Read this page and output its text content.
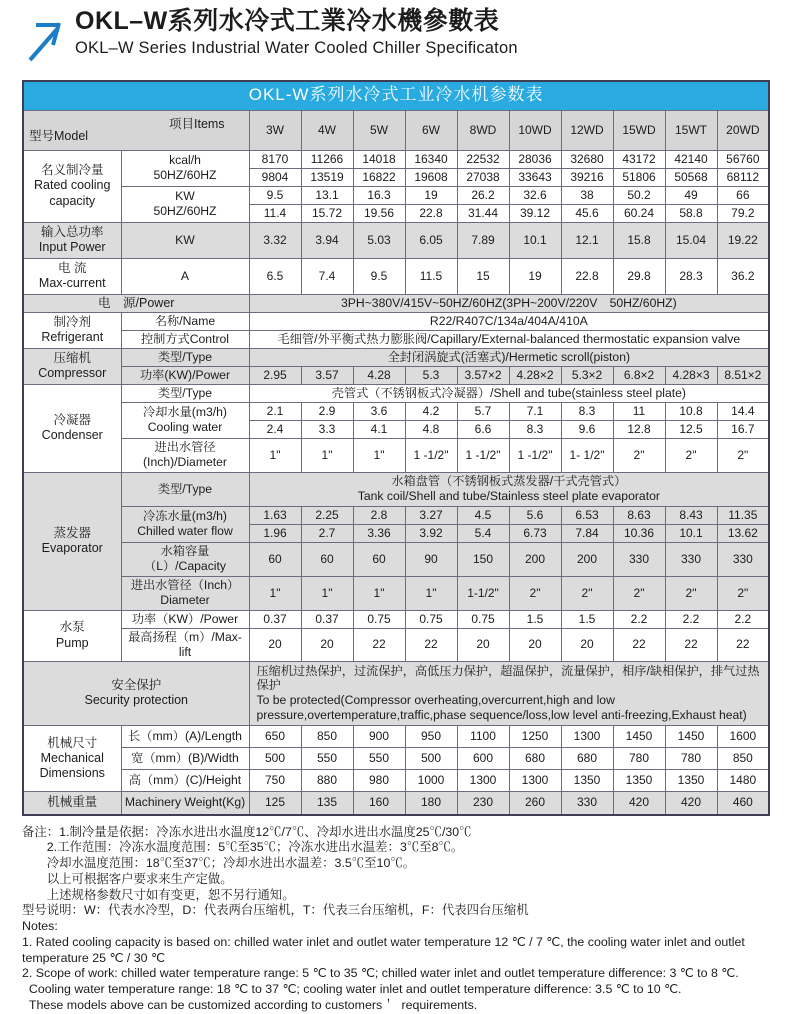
OKL–W系列水冷式工業冷水機參數表
OKL–W Series Industrial Water Cooled Chiller Specificaton
OKL-W系列水冷式工业冷水机参数表											

型号Model
项目Items		3W	4W	5W	6W	8WD	10WD	12WD	15WD	15WT	20WD
名义制冷量
Rated cooling
capacity	kcal/h
50HZ/60HZ	8170	11266	14018	16340	22532	28036	32680	43172	42140	56760
		9804	13519	16822	19608	27038	33643	39216	51806	50568	68112
	KW
50HZ/60HZ	9.5	13.1	16.3	19	26.2	32.6	38	50.2	49	66
		11.4	15.72	19.56	22.8	31.44	39.12	45.6	60.24	58.8	79.2
输入总功率
Input Power	KW	3.32	3.94	5.03	6.05	7.89	10.1	12.1	15.8	15.04	19.22
电 流
Max-current	A	6.5	7.4	9.5	11.5	15	19	22.8	29.8	28.3	36.2
电　源/Power		3PH~380V/415V~50HZ/60HZ(3PH~200V/220V　50HZ/60HZ)									
制冷剂
Refrigerant	名称/Name	R22/R407C/134a/404A/410A									
	控制方式Control	毛细管/外平衡式热力膨胀阀/Capillary/External-balanced thermostatic expansion valve									
压缩机
Compressor	类型/Type	全封闭涡旋式(活塞式)/Hermetic scroll(piston)									
	功率(KW)/Power	2.95	3.57	4.28	5.3	3.57×2	4.28×2	5.3×2	6.8×2	4.28×3	8.51×2
冷凝器
Condenser	类型/Type	壳管式（不锈钢板式冷凝器）/Shell and tube(stainless steel plate)									
	冷却水量(m3/h)
Cooling water	2.1	2.9	3.6	4.2	5.7	7.1	8.3	11	10.8	14.4
		2.4	3.3	4.1	4.8	6.6	8.3	9.6	12.8	12.5	16.7
	进出水管径
(Inch)/Diameter	1"	1"	1"	1 -1/2"	1 -1/2"	1 -1/2"	1- 1/2"	2"	2"	2"
蒸发器
Evaporator	类型/Type	水箱盘管（不锈钢板式蒸发器/干式壳管式）
Tank coil/Shell and tube/Stainless steel plate evaporator									
	冷冻水量(m3/h)
Chilled water flow	1.63	2.25	2.8	3.27	4.5	5.6	6.53	8.63	8.43	11.35
		1.96	2.7	3.36	3.92	5.4	6.73	7.84	10.36	10.1	13.62
	水箱容量（L）/Capacity	60	60	60	90	150	200	200	330	330	330
	进出水管径（Inch）
Diameter	1"	1"	1"	1"	1-1/2"	2"	2"	2"	2"	2"
水泵
Pump	功率（KW）/Power	0.37	0.37	0.75	0.75	0.75	1.5	1.5	2.2	2.2	2.2
	最高扬程（m）/Max-lift	20	20	22	22	20	20	20	22	22	22
安全保护
Security protection		压缩机过热保护，过流保护，高低压力保护，超温保护，流量保护，相序/缺相保护，排气过热保护
To be protected(Compressor overheating,overcurrent,high and low
pressure,overtemperature,traffic,phase sequence/loss,low level anti-freezing,Exhaust heat)									
机械尺寸
Mechanical
Dimensions	长（mm）(A)/Length	650	850	900	950	1100	1250	1300	1450	1450	1600
	宽（mm）(B)/Width	500	550	550	500	600	680	680	780	780	850
	高（mm）(C)/Height	750	880	980	1000	1300	1300	1350	1350	1350	1480
机械重量	Machinery Weight(Kg)	125	135	160	180	230	260	330	420	420	460
备注：1.制冷量是依据：冷冻水进出水温度12℃/7℃、冷却水进出水温度25℃/30℃
　　2.工作范围：冷冻水温度范围：5℃至35℃；冷冻水进出水温差：3℃至8℃。
　　冷却水温度范围：18℃至37℃；冷却水进出水温差：3.5℃至10℃。
　　以上可根据客户要求来生产定做。
　　上述规格参数尺寸如有变更，恕不另行通知。
型号说明：W：代表水冷型，D：代表两台压缩机，T：代表三台压缩机，F：代表四台压缩机
Notes:
1. Rated cooling capacity is based on: chilled water inlet and outlet water temperature 12 ℃ / 7 ℃, the cooling water inlet and outlet
temperature 25 ℃ / 30 ℃
2. Scope of work: chilled water temperature range: 5 ℃ to 35 ℃; chilled water inlet and outlet temperature difference: 3 ℃ to 8 ℃.
Cooling water temperature range: 18 ℃ to 37 ℃; cooling water inlet and outlet temperature difference: 3.5 ℃ to 10 ℃.
These models above can be customized according to customers＇  requirements.
